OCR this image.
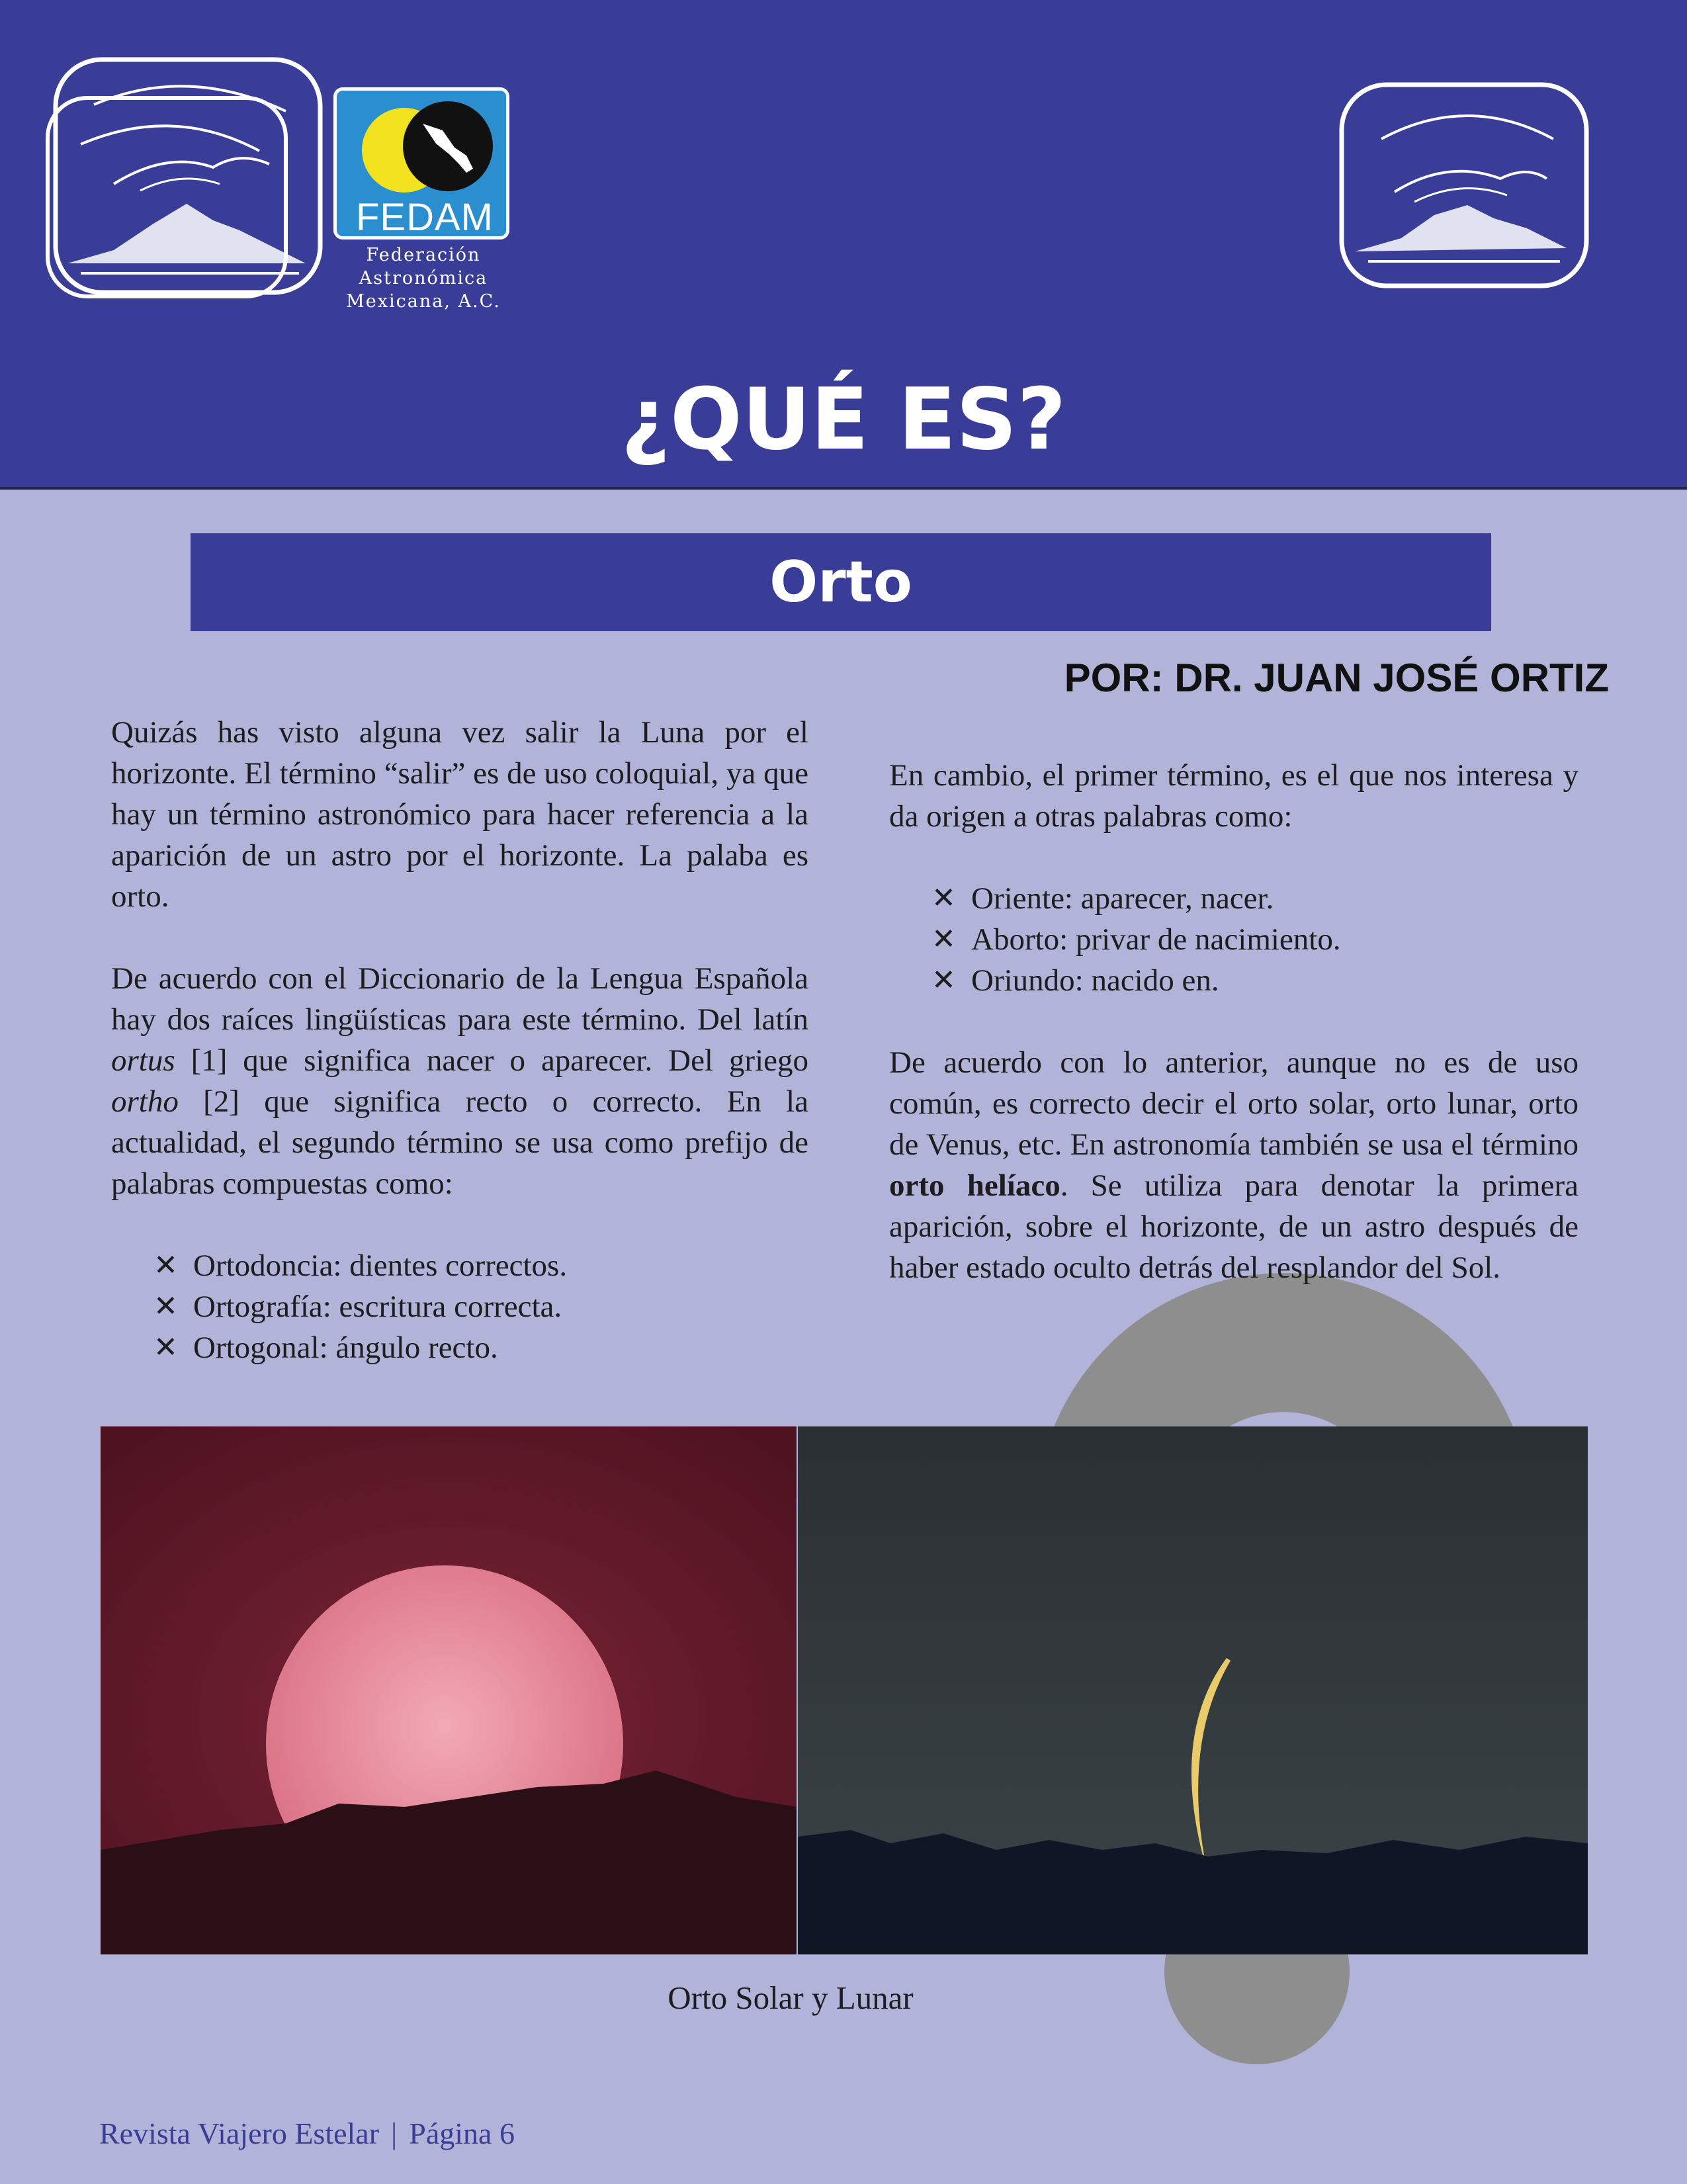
FEDAM
Federación
Astronómica
Mexicana, A.C.
¿QUÉ ES?
Orto
POR: DR. JUAN JOSÉ ORTIZ

Quizás has visto alguna vez salir la Luna por el horizonte. El término “salir” es de uso coloquial, ya que hay un término astronómico para hacer referencia a la aparición de un astro por el horizonte. La palaba es orto.

De acuerdo con el Diccionario de la Lengua Española hay dos raíces lingüísticas para este término. Del latín ortus [1] que significa nacer o aparecer. Del griego ortho [2] que significa recto o correcto. En la actualidad, el segundo término se usa como prefijo de palabras compuestas como:

✕ Ortodoncia: dientes correctos.
✕ Ortografía: escritura correcta.
✕ Ortogonal: ángulo recto.

En cambio, el primer término, es el que nos interesa y da origen a otras palabras como:

✕ Oriente: aparecer, nacer.
✕ Aborto: privar de nacimiento.
✕ Oriundo: nacido en.

De acuerdo con lo anterior, aunque no es de uso común, es correcto decir el orto solar, orto lunar, orto de Venus, etc. En astronomía también se usa el término orto helíaco. Se utiliza para denotar la primera aparición, sobre el horizonte, de un astro después de haber estado oculto detrás del resplandor del Sol.

Orto Solar y Lunar
Revista Viajero Estelar | Página 6
